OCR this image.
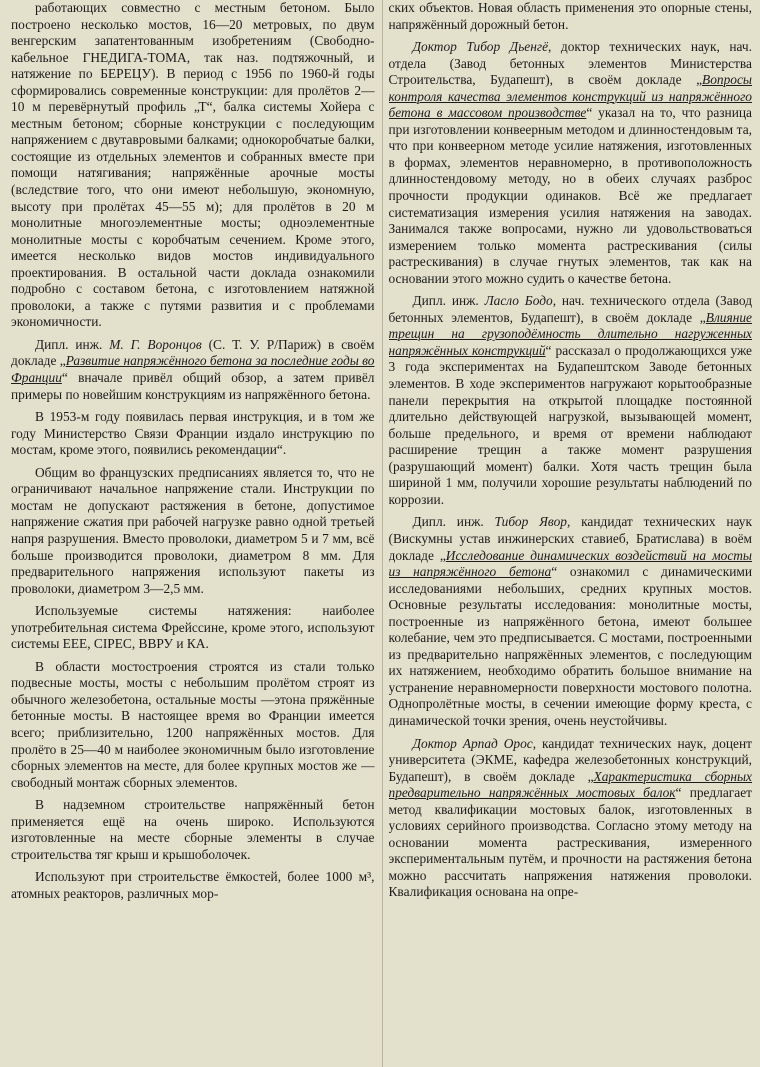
работающих совместно с местным бетоном. Было построено несколько мостов, 16—20 метровых, по двум венгерским запатентованным изобретениям (Свободно-кабельное ГНЕДИГА-ТОМА, так наз. подтяжочный, и натяжение по БЕРЕЦУ). В период с 1956 по 1960-й годы сформировались современные конструкции: для пролётов 2—10 м перевёрнутый профиль „Т“, балка системы Хойера с местным бетоном; сборные конструкции с последующим напряжением с двутавровыми балками; однокоробчатые балки, состоящие из отдельных элементов и собранных вместе при помощи натягивания; напряжённые арочные мосты (вследствие того, что они имеют небольшую, экономную, высоту при пролётах 45—55 м); для пролётов в 20 м монолитные многоэлементные мосты; одноэлементные монолитные мосты с коробчатым сечением. Кроме этого, имеется несколько видов мостов индивидуального проектирования. В остальной части доклада ознакомили подробно с составом бетона, с изготовлением натяжной проволоки, а также с путями развития и с проблемами экономичности.

Дипл. инж. М. Г. Воронцов (С. Т. У. Р/Париж) в своём докладе „Развитие напряжённого бетона за последние годы во Франции“ вначале привёл общий обзор, а затем привёл примеры по новейшим конструкциям из напряжённого бетона.

В 1953-м году появилась первая инструкция, и в том же году Министерство Связи Франции издало инструкцию по мостам, кроме этого, появились рекомендации“.

Общим во французских предписаниях является то, что не ограничивают начальное напряжение стали. Инструкции по мостам не допускают растяжения в бетоне, допустимое напряжение сжатия при рабочей нагрузке равно одной третьей напря разрушения. Вместо проволоки, диаметром 5 и 7 мм, всё больше производится проволоки, диаметром 8 мм. Для предварительного напряжения используют пакеты из проволоки, диаметром 3—2,5 мм.

Используемые системы натяжения: наиболее употребительная система Фрейссине, кроме этого, используют системы ЕЕЕ, CIPEC, ВВРУ и КА.

В области мостостроения строятся из стали только подвесные мосты, мосты с небольшим пролётом строят из обычного железобетона, остальные мосты —этона пряжённые бетонные мосты. В настоящее время во Франции имеется всего; приблизительно, 1200 напряжённых мостов. Для пролёто в 25—40 м наиболее экономичным было изготовление сборных элементов на месте, для более крупных мостов же — свободный монтаж сборных элементов.

В надземном строительстве напряжённый бетон применяется ещё на очень широко. Используются изготовленные на месте сборные элементы в случае строительства тяг крыш и крышоболочек.

Используют при строительстве ёмкостей, более 1000 м³, атомных реакторов, различных мор-

ских объектов. Новая область применения это опорные стены, напряжённый дорожный бетон.

Доктор Тибор Дьенгё, доктор технических наук, нач. отдела (Завод бетонных элементов Министерства Строительства, Будапешт), в своём докладе „Вопросы контроля качества элементов конструкций из напряжённого бетона в массовом производстве“ указал на то, что разница при изготовлении конвеерным методом и длинностендовым та, что при конвеерном методе усилие натяжения, изготовленных в формах, элементов неравномерно, в противоположность длинностендовому методу, но в обеих случаях разброс прочности продукции одинаков. Всё же предлагает систематизация измерения усилия натяжения на заводах. Занимался также вопросами, нужно ли удовольствоваться измерением только момента растрескивания (силы растрескивания) в случае гнутых элементов, так как на основании этого можно судить о качестве бетона.

Дипл. инж. Ласло Бодо, нач. технического отдела (Завод бетонных элементов, Будапешт), в своём докладе „Влияние трещин на грузоподёмность длительно нагруженных напряжённых конструкций“ рассказал о продолжающихся уже 3 года экспериментах на Будапештском Заводе бетонных элементов. В ходе экспериментов нагружают корытообразные панели перекрытия на открытой площадке постоянной длительно действующей нагрузкой, вызывающей момент, больше предельного, и время от времени наблюдают расширение трещин а также момент разрушения (разрушающий момент) балки. Хотя часть трещин была шириной 1 мм, получили хорошие результаты наблюдений по коррозии.

Дипл. инж. Тибор Явор, кандидат технических наук (Вискумны устав инжинерских ставиеб, Братислава) в воём докладе „Исследование динамических воздействий на мосты из напряжённого бетона“ ознакомил с динамическими исследованиями небольших, средних крупных мостов. Основные результаты исследования: монолитные мосты, построенные из напряжённого бетона, имеют большее колебание, чем это предписывается. С мостами, построенными из предварительно напряжённых элементов, с последующим их натяжением, необходимо обратить большое внимание на устранение неравномерности поверхности мостового полотна. Однопролётные мосты, в сечении имеющие форму креста, с динамической точки зрения, очень неустойчивы.

Доктор Арпад Орос, кандидат технических наук, доцент университета (ЭКМЕ, кафедра железобетонных конструкций, Будапешт), в своём докладе „Характеристика сборных предварительно напряжённых мостовых балок“ предлагает метод квалификации мостовых балок, изготовленных в условиях серийного производства. Согласно этому методу на основании момента растрескивания, измеренного экспериментальным путём, и прочности на растяжения бетона можно рассчитать напряжения натяжения проволоки. Квалификация основана на опре-
